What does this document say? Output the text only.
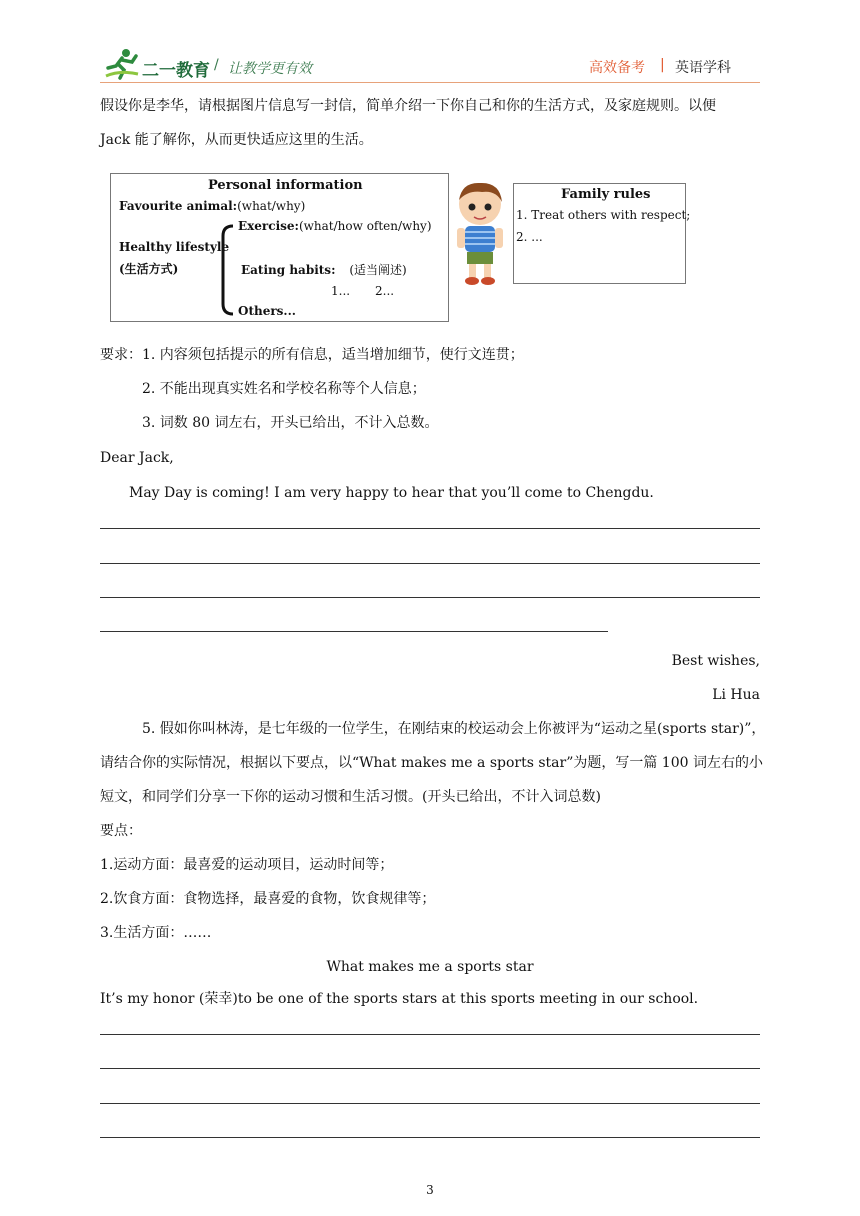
二一教育 / 让教学更有效	高效备考 | 英语学科
假设你是李华，请根据图片信息写一封信，简单介绍一下你自己和你的生活方式，及家庭规则。以便
Jack 能了解你，从而更快适应这里的生活。
Personal information
Favourite animal:(what/why)
Healthy lifestyle
(生活方式)
Exercise:(what/how often/why)
Eating habits: (适当阐述)
1... 2...
Others...
Family rules
1. Treat others with respect;
2. ...
要求： 1. 内容须包括提示的所有信息，适当增加细节，使行文连贯；
2. 不能出现真实姓名和学校名称等个人信息；
3. 词数 80 词左右，开头已给出，不计入总数。
Dear Jack,
May Day is coming! I am very happy to hear that you’ll come to Chengdu.
Best wishes,
Li Hua
5. 假如你叫林涛，是七年级的一位学生，在刚结束的校运动会上你被评为“运动之星(sports star)”，
请结合你的实际情况，根据以下要点，以“What makes me a sports star”为题，写一篇 100 词左右的小
短文，和同学们分享一下你的运动习惯和生活习惯。(开头已给出，不计入词总数)
要点：
1.运动方面：最喜爱的运动项目，运动时间等；
2.饮食方面：食物选择，最喜爱的食物，饮食规律等；
3.生活方面：……
What makes me a sports star
It’s my honor (荣幸)to be one of the sports stars at this sports meeting in our school.
3
